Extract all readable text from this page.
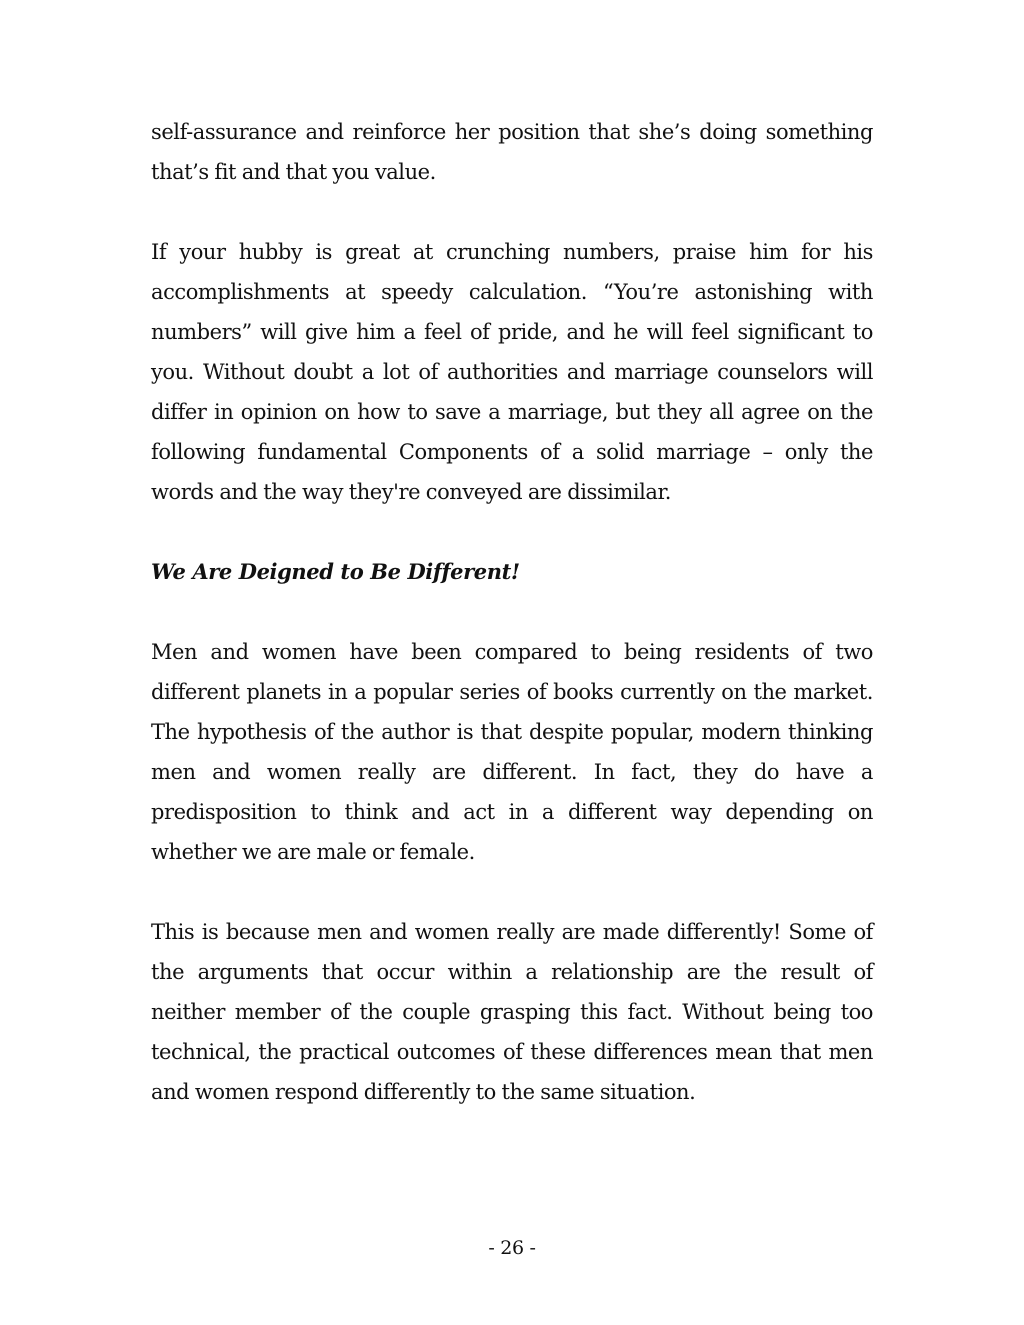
self-assurance and reinforce her position that she’s doing something that’s fit and that you value.

If your hubby is great at crunching numbers, praise him for his accomplishments at speedy calculation. “You’re astonishing with numbers” will give him a feel of pride, and he will feel significant to you. Without doubt a lot of authorities and marriage counselors will differ in opinion on how to save a marriage, but they all agree on the following fundamental Components of a solid marriage – only the words and the way they're conveyed are dissimilar.

We Are Deigned to Be Different!

Men and women have been compared to being residents of two different planets in a popular series of books currently on the market. The hypothesis of the author is that despite popular, modern thinking men and women really are different. In fact, they do have a predisposition to think and act in a different way depending on whether we are male or female.

This is because men and women really are made differently! Some of the arguments that occur within a relationship are the result of neither member of the couple grasping this fact. Without being too technical, the practical outcomes of these differences mean that men and women respond differently to the same situation.

- 26 -
